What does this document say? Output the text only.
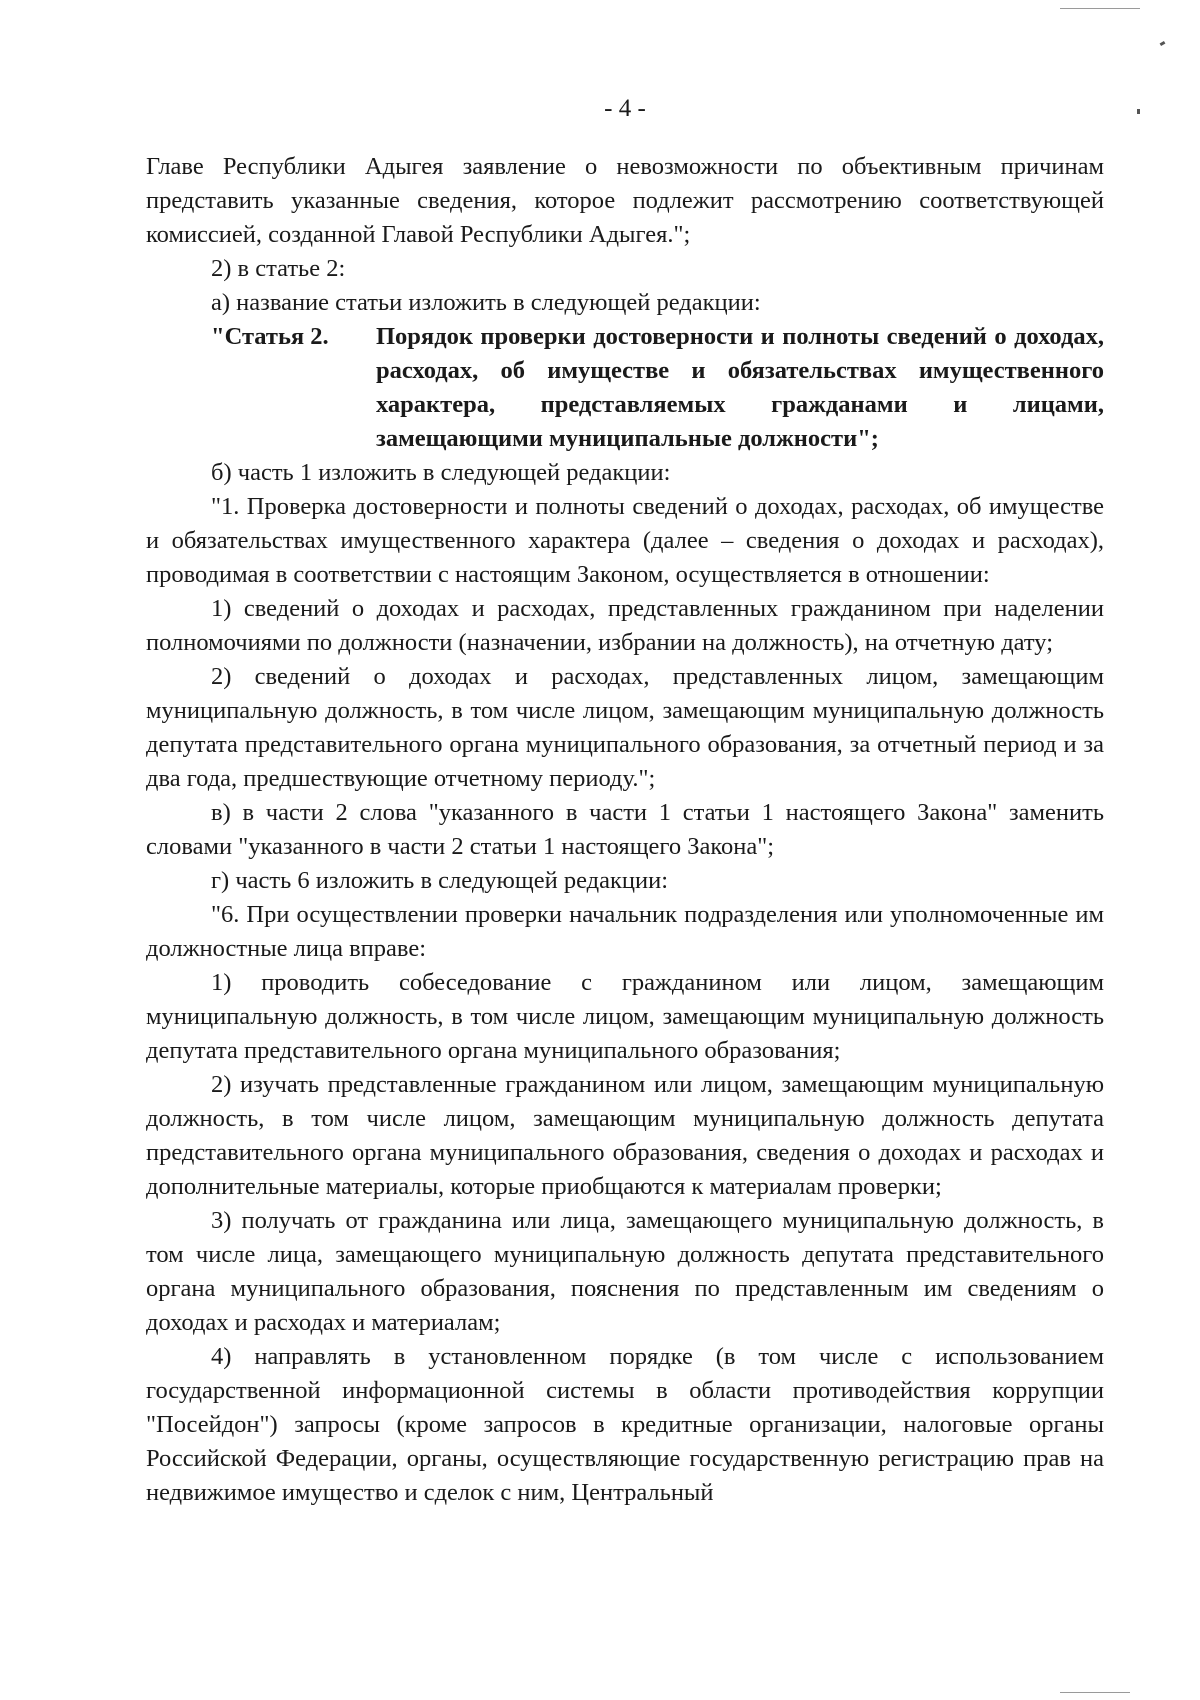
- 4 -

Главе Республики Адыгея заявление о невозможности по объективным причинам представить указанные сведения, которое подлежит рассмотрению соответствующей комиссией, созданной Главой Республики Адыгея.";

2) в статье 2:

а) название статьи изложить в следующей редакции:

"Статья 2.	Порядок проверки достоверности и полноты сведений о доходах, расходах, об имуществе и обязательствах имущественного характера, представляемых гражданами и лицами, замещающими муниципальные должности";

б) часть 1 изложить в следующей редакции:

"1. Проверка достоверности и полноты сведений о доходах, расходах, об имуществе и обязательствах имущественного характера (далее – сведения о доходах и расходах), проводимая в соответствии с настоящим Законом, осуществляется в отношении:

1) сведений о доходах и расходах, представленных гражданином при наделении полномочиями по должности (назначении, избрании на должность), на отчетную дату;

2) сведений о доходах и расходах, представленных лицом, замещающим муниципальную должность, в том числе лицом, замещающим муниципальную должность депутата представительного органа муниципального образования, за отчетный период и за два года, предшествующие отчетному периоду.";

в) в части 2 слова "указанного в части 1 статьи 1 настоящего Закона" заменить словами "указанного в части 2 статьи 1 настоящего Закона";

г) часть 6 изложить в следующей редакции:

"6. При осуществлении проверки начальник подразделения или уполномоченные им должностные лица вправе:

1) проводить собеседование с гражданином или лицом, замещающим муниципальную должность, в том числе лицом, замещающим муниципальную должность депутата представительного органа муниципального образования;

2) изучать представленные гражданином или лицом, замещающим муниципальную должность, в том числе лицом, замещающим муниципальную должность депутата представительного органа муниципального образования, сведения о доходах и расходах и дополнительные материалы, которые приобщаются к материалам проверки;

3) получать от гражданина или лица, замещающего муниципальную должность, в том числе лица, замещающего муниципальную должность депутата представительного органа муниципального образования, пояснения по представленным им сведениям о доходах и расходах и материалам;

4) направлять в установленном порядке (в том числе с использованием государственной информационной системы в области противодействия коррупции "Посейдон") запросы (кроме запросов в кредитные организации, налоговые органы Российской Федерации, органы, осуществляющие государственную регистрацию прав на недвижимое имущество и сделок с ним, Центральный
